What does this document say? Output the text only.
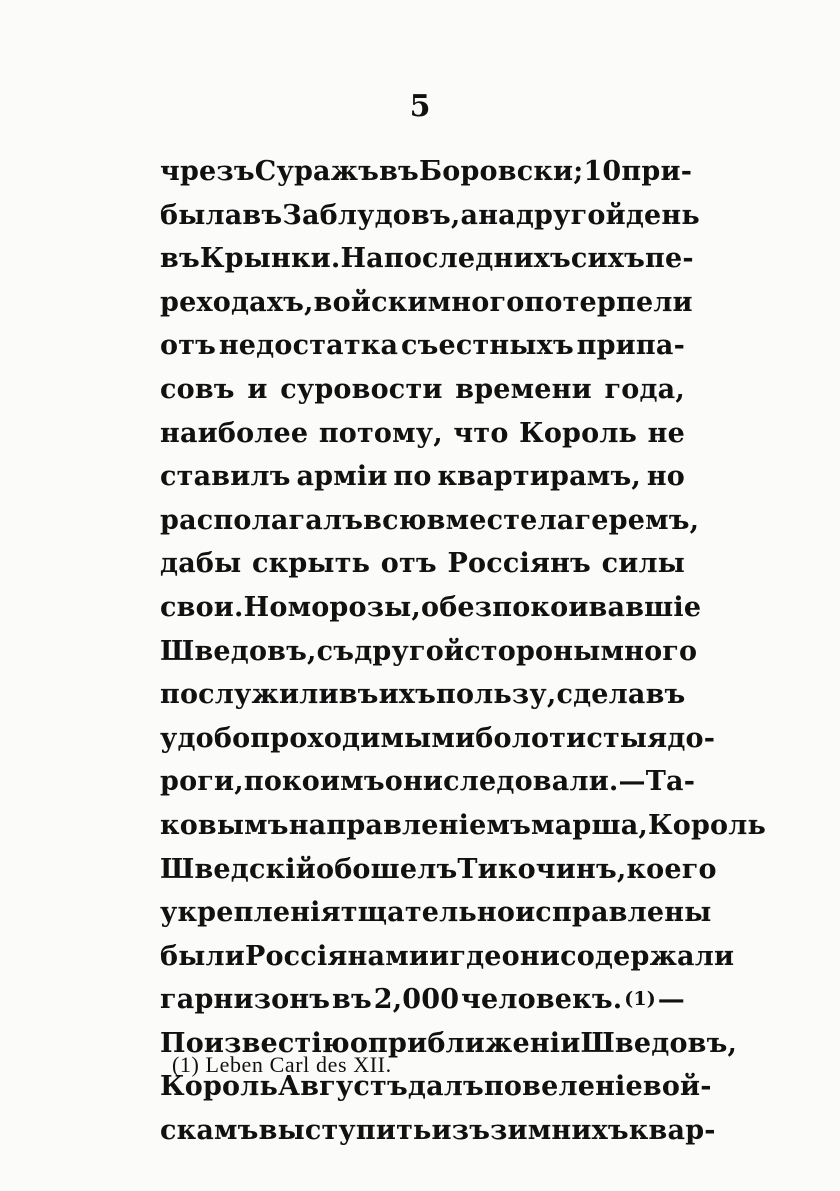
5
чрезъ Суражъ въ Боровски; 10 при-
была въ Заблудовъ, а на другой день
въ Крынки. На последнихъ сихъ пе-
реходахъ, войски много потерпели
отъ недостатка съестныхъ припа-
совъ и суровости времени года,
наиболее потому, что Король не
ставилъ арміи по квартирамъ, но
располагалъ всю вместе лагеремъ,
дабы скрыть отъ Россіянъ силы
свои. Но морозы, обезпокоивавшіе
Шведовъ, съ другой стороны много
послужили въ ихъ пользу, сделавъ
удобопроходимыми болотистыя до-
роги, по коимъ они следовали. — Та-
ковымъ направленіемъ марша, Король
Шведскій обошелъ Тикочинъ, коего
укрепленія тщательно исправлены
были Россіянами и где они содержали
гарнизонъ въ 2,000 человекъ. (1) —
По известію о приближеніи Шведовъ,
Король Августъ далъ повеленіе вой-
скамъ выступить изъ зимнихъ квар-
(1) Leben Carl des XII.
